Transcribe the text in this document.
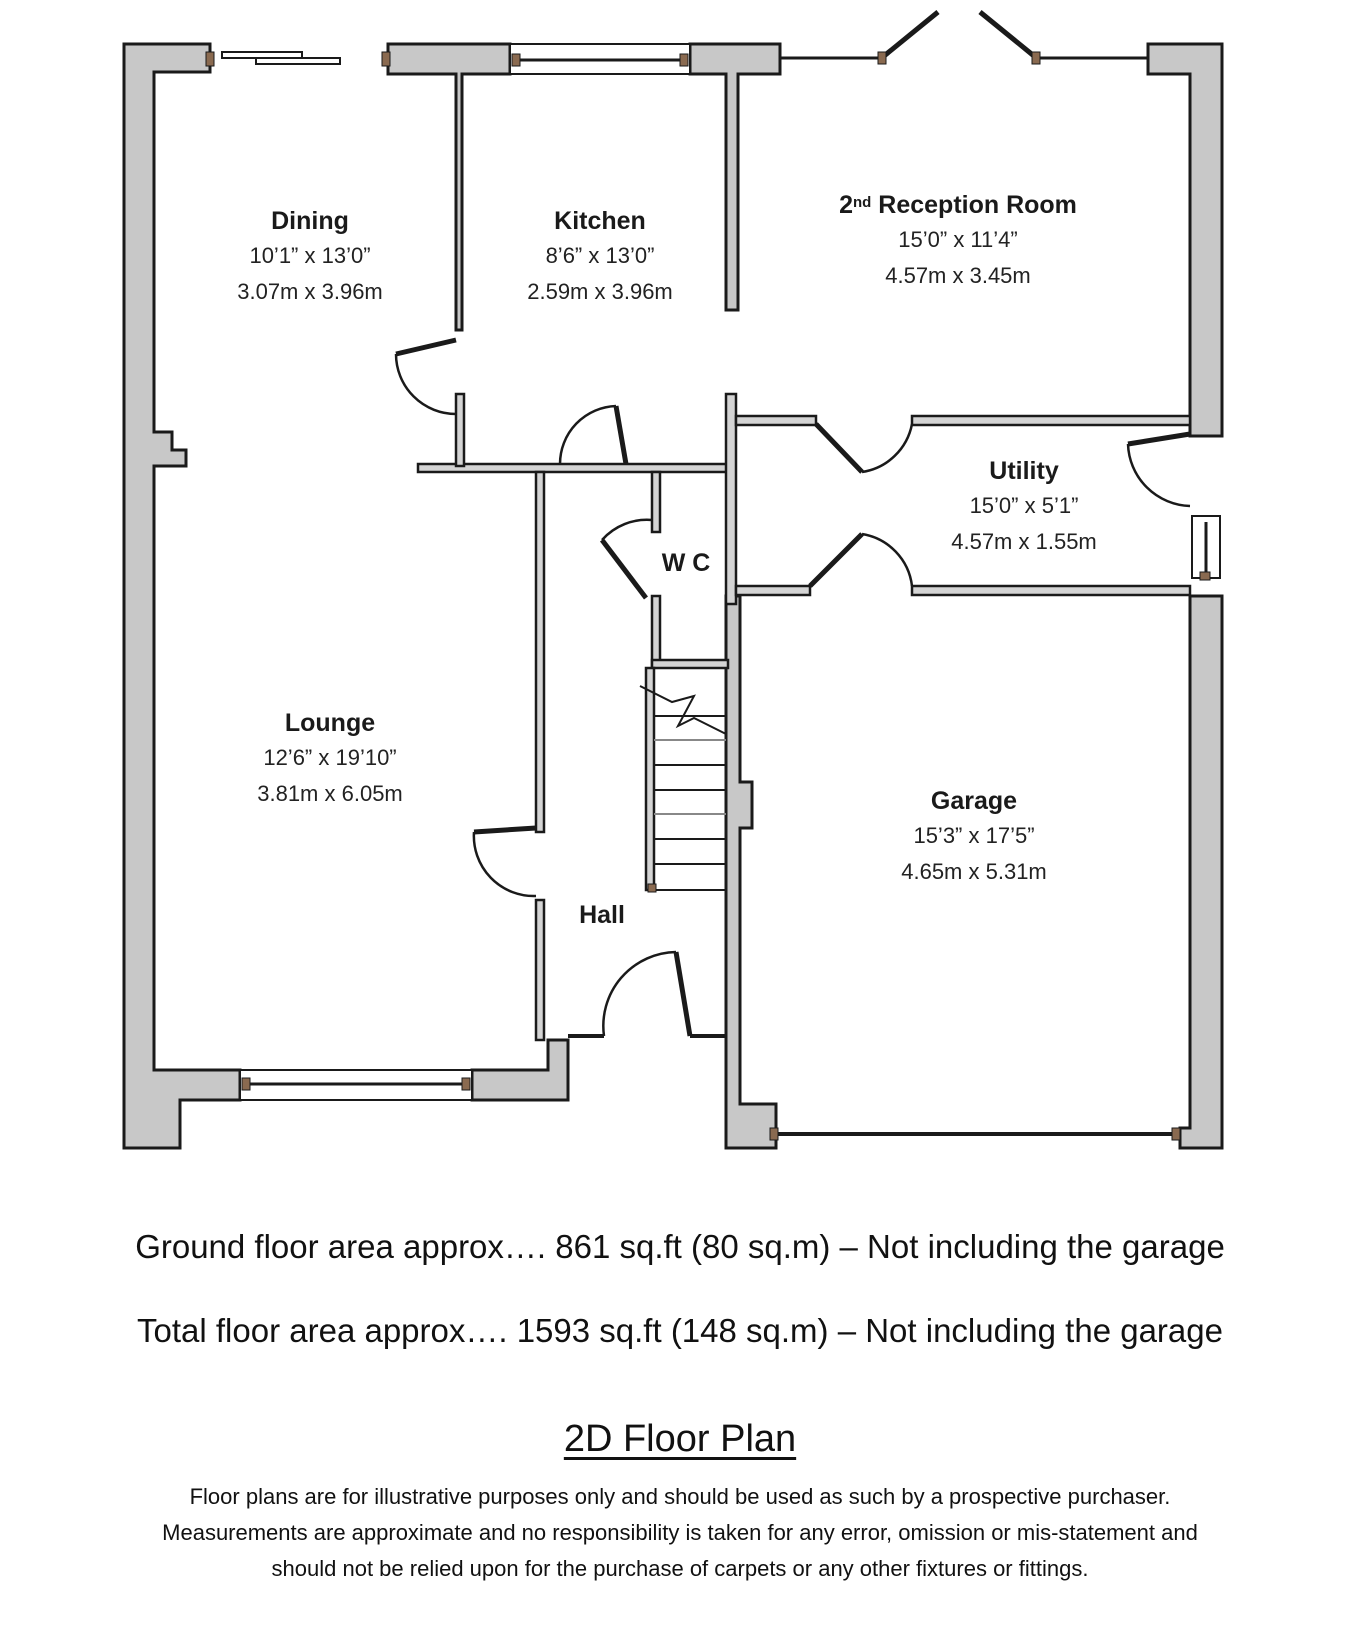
Dining
10’1” x 13’0”
3.07m x 3.96m
Kitchen
8’6” x 13’0”
2.59m x 3.96m
2nd Reception Room
15’0” x 11’4”
4.57m x 3.45m
Utility
15’0” x 5’1”
4.57m x 1.55m
W C
Lounge
12’6” x 19’10”
3.81m x 6.05m
Hall
Garage
15’3” x 17’5”
4.65m x 5.31m
Ground floor area approx…. 861 sq.ft (80 sq.m) – Not including the garage
Total floor area approx…. 1593 sq.ft (148 sq.m) – Not including the garage
2D Floor Plan
Floor plans are for illustrative purposes only and should be used as such by a prospective purchaser.
Measurements are approximate and no responsibility is taken for any error, omission or mis-statement and
should not be relied upon for the purchase of carpets or any other fixtures or fittings.
